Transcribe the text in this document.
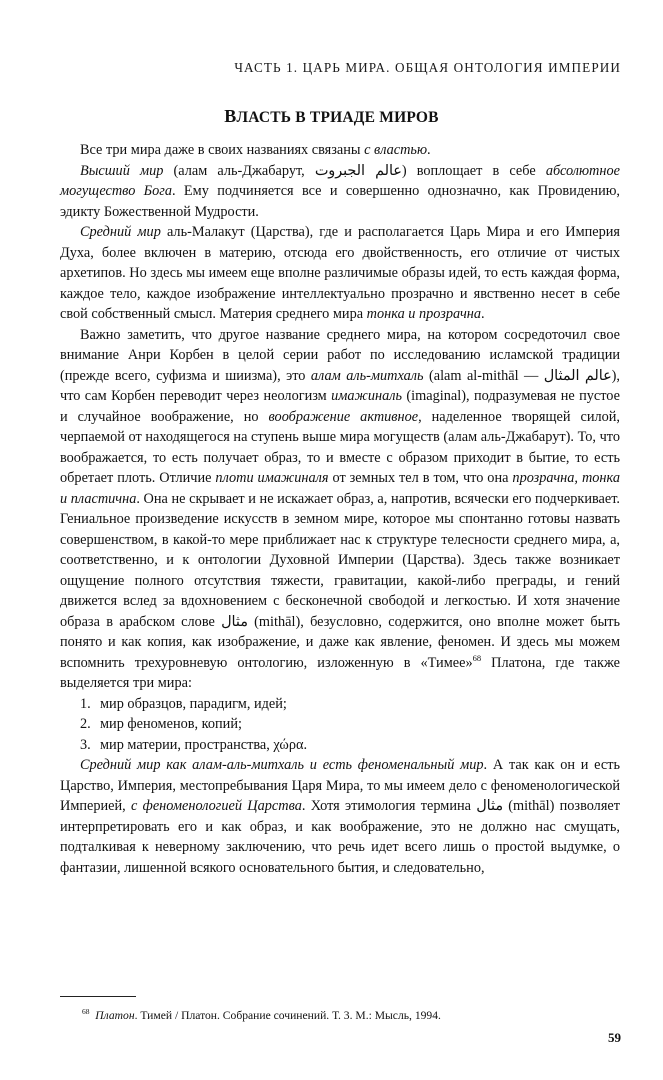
ЧАСТЬ 1. ЦАРЬ МИРА. ОБЩАЯ ОНТОЛОГИЯ ИМПЕРИИ
ВЛАСТЬ В ТРИАДЕ МИРОВ

Все три мира даже в своих названиях связаны с властью.

Высший мир (алам аль-Джабарут, عالم الجبروت) воплощает в себе абсолютное могущество Бога. Ему подчиняется все и совершенно однозначно, как Провидению, эдикту Божественной Мудрости.

Средний мир аль-Малакут (Царства), где и располагается Царь Мира и его Империя Духа, более включен в материю, отсюда его двойственность, его отличие от чистых архетипов. Но здесь мы имеем еще вполне различимые образы идей, то есть каждая форма, каждое тело, каждое изображение интеллектуально прозрачно и явственно несет в себе свой собственный смысл. Материя среднего мира тонка и прозрачна.

Важно заметить, что другое название среднего мира, на котором сосредоточил свое внимание Анри Корбен в целой серии работ по исследованию исламской традиции (прежде всего, суфизма и шиизма), это алам аль-митхаль (alam al-mithāl — عالم المثال), что сам Корбен переводит через неологизм имажиналь (imaginal), подразумевая не пустое и случайное воображение, но воображение активное, наделенное творящей силой, черпаемой от находящегося на ступень выше мира могуществ (алам аль-Джабарут). То, что воображается, то есть получает образ, то и вместе с образом приходит в бытие, то есть обретает плоть. Отличие плоти имажиналя от земных тел в том, что она прозрачна, тонка и пластична. Она не скрывает и не искажает образ, а, напротив, всячески его подчеркивает. Гениальное произведение искусств в земном мире, которое мы спонтанно готовы назвать совершенством, в какой-то мере приближает нас к структуре телесности среднего мира, а, соответственно, и к онтологии Духовной Империи (Царства). Здесь также возникает ощущение полного отсутствия тяжести, гравитации, какой-либо преграды, и гений движется вслед за вдохновением с бесконечной свободой и легкостью. И хотя значение образа в арабском слове مثال (mithāl), безусловно, содержится, оно вполне может быть понято и как копия, как изображение, и даже как явление, феномен. И здесь мы можем вспомнить трехуровневую онтологию, изложенную в «Тимее»$^{68}$ Платона, где также выделяется три мира:

1. мир образцов, парадигм, идей;
2. мир феноменов, копий;
3. мир материи, пространства, χώρα.

Средний мир как алам-аль-митхаль и есть феноменальный мир. А так как он и есть Царство, Империя, местопребывания Царя Мира, то мы имеем дело с феноменологической Империей, с феноменологией Царства. Хотя этимология термина مثال (mithāl) позволяет интерпретировать его и как образ, и как воображение, это не должно нас смущать, подталкивая к неверному заключению, что речь идет всего лишь о простой выдумке, о фантазии, лишенной всякого основательного бытия, и следовательно,

$^{68}$ Платон. Тимей / Платон. Собрание сочинений. Т. 3. М.: Мысль, 1994.
59
